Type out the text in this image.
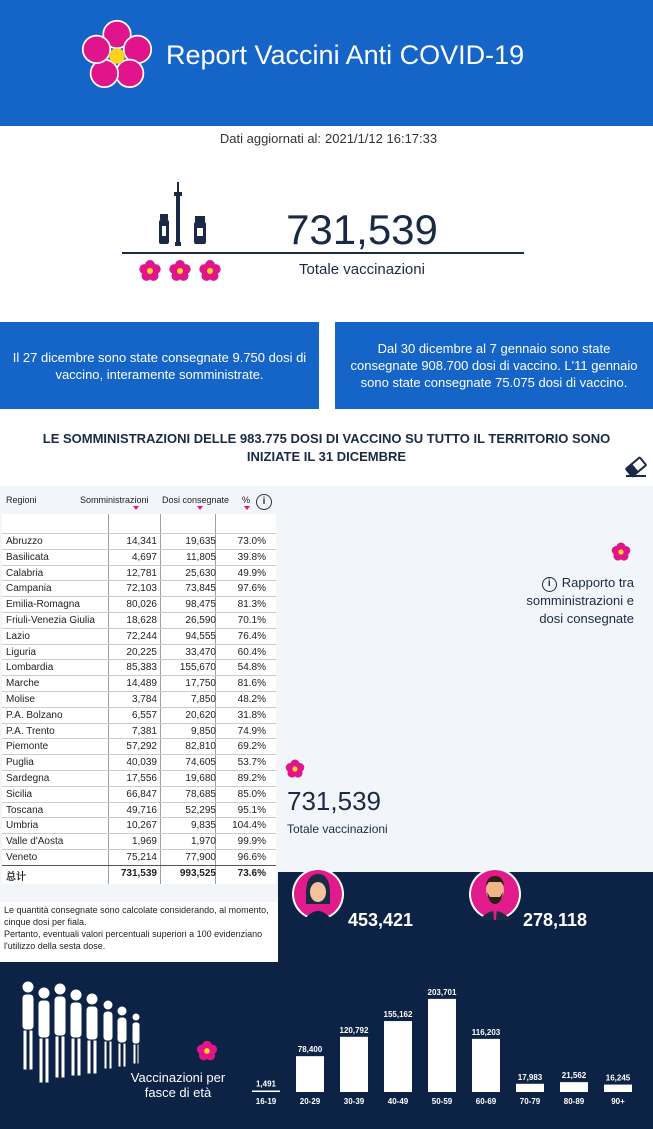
Report Vaccini Anti COVID-19
Dati aggiornati al: 2021/1/12 16:17:33
731,539
Totale vaccinazioni
Il 27 dicembre sono state consegnate 9.750 dosi di vaccino, interamente somministrate.
Dal 30 dicembre al 7 gennaio sono state consegnate 908.700 dosi di vaccino. L'11 gennaio sono state consegnate 75.075 dosi di vaccino.
LE SOMMINISTRAZIONI DELLE 983.775 DOSI DI VACCINO SU TUTTO IL TERRITORIO SONO INIZIATE IL 31 DICEMBRE
Regioni	Somministrazioni Dosi consegnate %	i
Abruzzo	14,341	19,635 73.0%
Basilicata	4,697	11,805 39.8%
Calabria	12,781	25,630 49.9%
Campania	72,103	73,845 97.6%
Emilia-Romagna	80,026	98,475 81.3%
Friuli-Venezia Giulia	18,628	26,590 70.1%
Lazio	72,244	94,555 76.4%
Liguria	20,225	33,470 60.4%
Lombardia	85,383 155,670 54.8%
Marche	14,489	17,750 81.6%
Molise	3,784	7,850 48.2%
P.A. Bolzano	6,557	20,620 31.8%
P.A. Trento	7,381	9,850 74.9%
Piemonte	57,292	82,810 69.2%
Puglia	40,039	74,605 53.7%
Sardegna	17,556	19,680 89.2%
Sicilia	66,847	78,685 85.0%
Toscana	49,716	52,295 95.1%
Umbria	10,267	9,835 104.4%
Valle d'Aosta	1,969	1,970 99.9%
Veneto	75,214	77,900 96.6%
总计	731,539 993,525 73.6%
Le quantità consegnate sono calcolate considerando, al momento, cinque dosi per fiala.
Pertanto, eventuali valori percentuali superiori a 100 evidenziano l'utilizzo della sesta dose.
i Rapporto tra somministrazioni e dosi consegnate
731,539
Totale vaccinazioni
453,421	278,118
Vaccinazioni per fasce di età
1,491
16-19
78,400
20-29
120,792
30-39
155,162
40-49
203,701
50-59
116,203
60-69
17,983
70-79
21,562
80-89
16,245
90+
